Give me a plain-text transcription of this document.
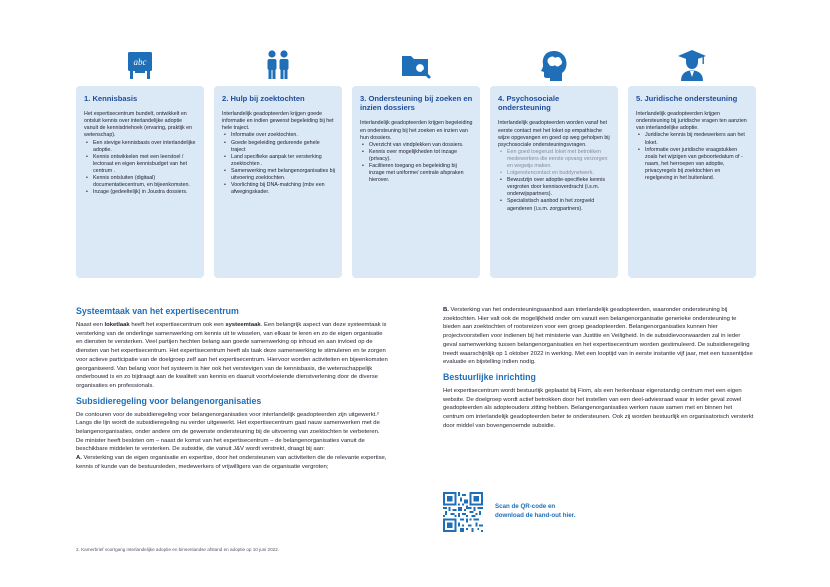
abc
1. Kennisbasis

Het expertisecentrum bundelt, ontwikkelt en ontsluit kennis over interlandelijke adoptie vanuit de kennisdriehoek (ervaring, praktijk en wetenschap).

• Een stevige kennisbasis over interlandelijke adoptie.
• Kennis ontwikkelen met een leerstoel / lectoraat en eigen kennisbudget van het centrum .
• Kennis ontsluiten (digitaal) documentatiecentrum, en bijeenkomsten.
• Inzage (gedeeltelijk) in Joustra dossiers.
2. Hulp bij zoektochten

Interlandelijk geadopteerden krijgen goede informatie en indien gewenst begeleiding bij het hele traject.

• Informatie over zoektochten.
• Goede begeleiding gedurende gehele traject
• Land specifieke aanpak ter versterking zoektochten .
• Samenwerking met belangenorganisaties bij uitvoering zoektochten.
• Voorlichting bij DNA-matching (mbv een afwegingskader.
3. Ondersteuning bij zoeken en inzien dossiers

Interlandelijk geadopteerden krijgen begeleiding en ondersteuning bij het zoeken en inzien van hun dossiers.

• Overzicht van vindplekken van dossiers.
• Kennis over mogelijkheden tot inzage (privacy).
• Faciliteren toegang en begeleiding bij inzage met uniforme/ centrale afspraken hierover.
4. Psychosociale ondersteuning

Interlandelijk geadopteerden worden vanaf het eerste contact met het loket op empathische wijze opgevangen en goed op weg geholpen bij psychosociale ondersteuningsvragen.

• Een goed toegerust loket met betrokken medewerkers die eerste opvang verzorgen en wegwijs maken.
• Lotgenotencontact en buddynetwerk.
• Bewustzijn over adoptie-specifieke kennis vergroten door kennisoverdracht (i.s.m. onderwijspartners).
• Specialistisch aanbod in het zorgveld agenderen (i.s.m. zorgpartners).
5. Juridische ondersteuning

Interlandelijk geadopteerden krijgen ondersteuning bij juridische vragen ten aanzien van interlandelijke adoptie.

• Juridische kennis bij medewerkers aan het loket.
• Informatie over juridische vraagstukken zoals het wijzigen van geboortedatum of -naam, het herroepen van adoptie, privacyregels bij zoektochten en regelgeving in het buitenland.
Systeemtaak van het expertisecentrum

Naast een loketlaak heeft het expertisecentrum ook een systeemtaak. Een belangrijk aspect van deze systeemtaak is versterking van de onderlinge samenwerking om kennis uit te wisselen, van elkaar te leren en zo de eigen organisatie en diensten te versterken. Veel partijen hechten belang aan goede samenwerking op inhoud en aan invloed op de diensten van het expertisecentrum. Het expertisecentrum heeft als taak deze samenwerking te stimuleren en te zorgen voor actieve participatie van de doelgroep zelf aan het expertisecentrum. Hiervoor worden activiteiten en bijeenkomsten georganiseerd. Van belang voor het systeem is hier ook het verstevigen van de kennisbasis, die wetenschappelijk onderbouwd is en zo bijdraagt aan de kwaliteit van kennis en daaruit voortvloeiende dienstverlening door de diverse organisaties en professionals.

Subsidieregeling voor belangenorganisaties

De contouren voor de subsidieregeling voor belangenorganisaties voor interlandelijk geadopteerden zijn uitgewerkt.² Langs die lijn wordt de subsidieregeling nu verder uitgewerkt. Het expertisecentrum gaat nauw samenwerken met de belangenorganisaties, onder andere om de gewenste ondersteuning bij de uitvoering van zoektochten te verbeteren. De minister heeft besloten om – naast de komst van het expertisecentrum – de belangenorganisaties vanuit de beschikbare middelen te versterken. De subsidie, die vanuit J&V wordt verstrekt, draagt bij aan:

A. Versterking van de eigen organisatie en expertise, door het ondersteunen van activiteiten die de relevante expertise, kennis of kunde van de bestuursleden, medewerkers of vrijwilligers van de organisatie vergroten;

B. Versterking van het ondersteuningsaanbod aan interlandelijk geadopteerden, waaronder ondersteuning bij zoektochten. Hier valt ook de mogelijkheid onder om vanuit een belangenorganisatie generieke ondersteuning te bieden aan zoektochten of rootsreizen voor een groep geadopteerden. Belangenorganisaties kunnen hier projectvoorstellen voor indienen bij het ministerie van Justitie en Veiligheid. In de subsidievoorwaarden zal in ieder geval samenwerking tussen belangenorganisaties en het expertisecentrum worden gestimuleerd. De subsidieregeling treedt waarschijnlijk op 1 oktober 2022 in werking. Met een looptijd van in eerste instantie vijf jaar, met een tussentijdse evaluatie en bijstelling indien nodig.

Bestuurlijke inrichting

Het expertisecentrum wordt bestuurlijk geplaatst bij Fiom, als een herkenbaar eigenstandig centrum met een eigen website. De doelgroep wordt actief betrokken door het instellen van een deel-adviesraad waar in ieder geval zowel geadopteerden als adopteouders zitting hebben. Belangenorganisaties werken nauw samen met en binnen het centrum om interlandelijk geadopteerden beter te ondersteunen. Ook zij worden bestuurlijk en organisatorisch versterkt door middel van bovengenoemde subsidie.

Scan de QR-code en
download de hand-out hier.
2. Kamerbrief voortgang interlandelijke adoptie en binnenlandse afstand en adoptie op 10 juni 2022.
